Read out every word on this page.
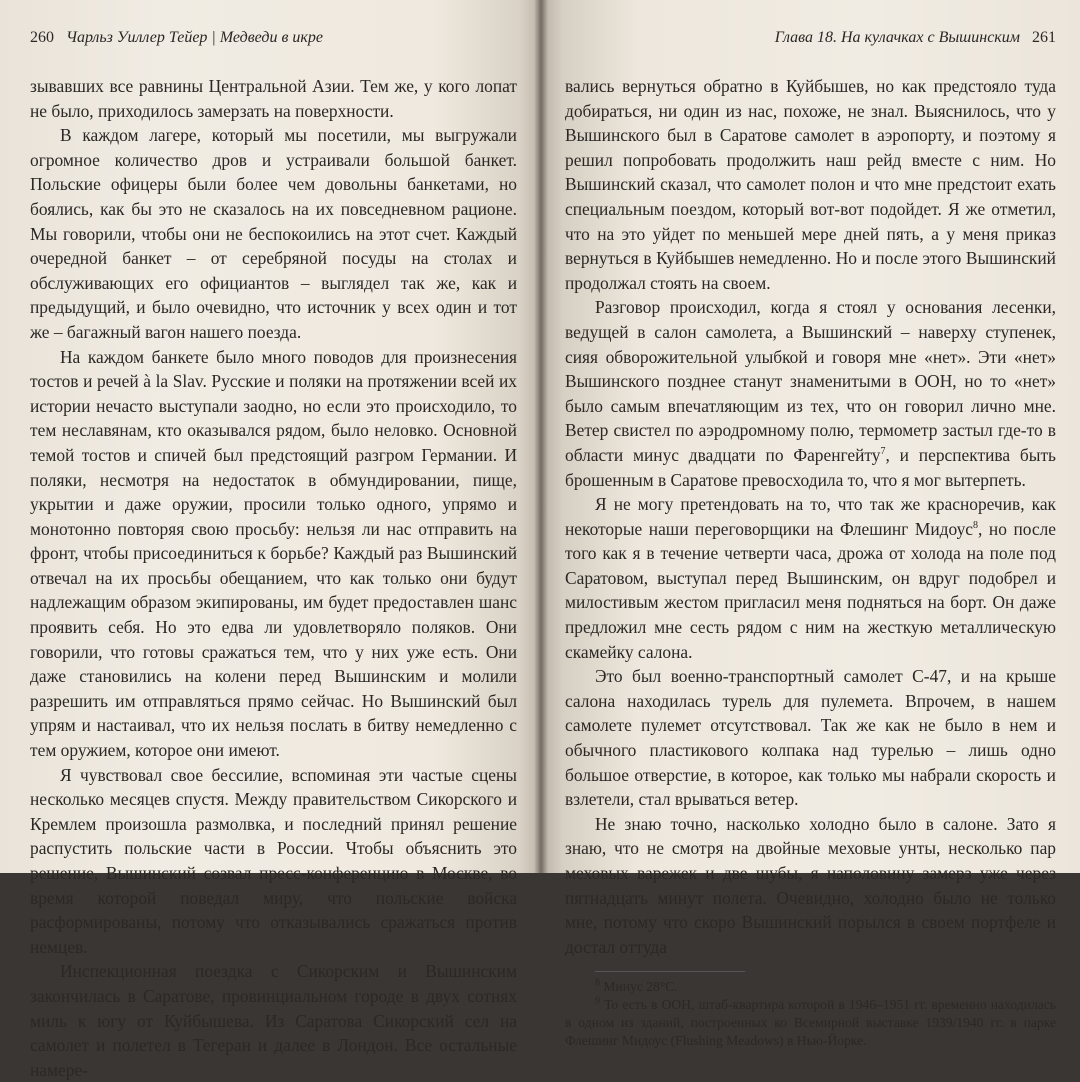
260 Чарльз Уиллер Тейер | Медведи в икре

зывавших все равнины Центральной Азии. Тем же, у кого лопат не было, приходилось замерзать на поверхности.

В каждом лагере, который мы посетили, мы выгружали огромное количество дров и устраивали большой банкет. Польские офицеры были более чем довольны банкетами, но боялись, как бы это не сказалось на их повседневном рационе. Мы говорили, чтобы они не беспокоились на этот счет. Каждый очередной банкет – от серебряной посуды на столах и обслуживающих его официантов – выглядел так же, как и предыдущий, и было очевидно, что источник у всех один и тот же – багажный вагон нашего поезда.

На каждом банкете было много поводов для произнесения тостов и речей à la Slav. Русские и поляки на протяжении всей их истории нечасто выступали заодно, но если это происходило, то тем неславянам, кто оказывался рядом, было неловко. Основной темой тостов и спичей был предстоящий разгром Германии. И поляки, несмотря на недостаток в обмундировании, пище, укрытии и даже оружии, просили только одного, упрямо и монотонно повторяя свою просьбу: нельзя ли нас отправить на фронт, чтобы присоединиться к борьбе? Каждый раз Вышинский отвечал на их просьбы обещанием, что как только они будут надлежащим образом экипированы, им будет предоставлен шанс проявить себя. Но это едва ли удовлетворяло поляков. Они говорили, что готовы сражаться тем, что у них уже есть. Они даже становились на колени перед Вышинским и молили разрешить им отправляться прямо сейчас. Но Вышинский был упрям и настаивал, что их нельзя послать в битву немедленно с тем оружием, которое они имеют.

Я чувствовал свое бессилие, вспоминая эти частые сцены несколько месяцев спустя. Между правительством Сикорского и Кремлем произошла размолвка, и последний принял решение распустить польские части в России. Чтобы объяснить это решение, Вышинский созвал пресс-конференцию в Москве, во время которой поведал миру, что польские войска расформированы, потому что отказывались сражаться против немцев.

Инспекционная поездка с Сикорским и Вышинским закончилась в Саратове, провинциальном городе в двух сотнях миль к югу от Куйбышева. Из Саратова Сикорский сел на самолет и полетел в Тегеран и далее в Лондон. Все остальные намере-

Глава 18. На кулачках с Вышинским 261

вались вернуться обратно в Куйбышев, но как предстояло туда добираться, ни один из нас, похоже, не знал. Выяснилось, что у Вышинского был в Саратове самолет в аэропорту, и поэтому я решил попробовать продолжить наш рейд вместе с ним. Но Вышинский сказал, что самолет полон и что мне предстоит ехать специальным поездом, который вот-вот подойдет. Я же отметил, что на это уйдет по меньшей мере дней пять, а у меня приказ вернуться в Куйбышев немедленно. Но и после этого Вышинский продолжал стоять на своем.

Разговор происходил, когда я стоял у основания лесенки, ведущей в салон самолета, а Вышинский – наверху ступенек, сияя обворожительной улыбкой и говоря мне «нет». Эти «нет» Вышинского позднее станут знаменитыми в ООН, но то «нет» было самым впечатляющим из тех, что он говорил лично мне. Ветер свистел по аэродромному полю, термометр застыл где-то в области минус двадцати по Фаренгейту$^7$, и перспектива быть брошенным в Саратове превосходила то, что я мог вытерпеть.

Я не могу претендовать на то, что так же красноречив, как некоторые наши переговорщики на Флешинг Мидоус$^8$, но после того как я в течение четверти часа, дрожа от холода на поле под Саратовом, выступал перед Вышинским, он вдруг подобрел и милостивым жестом пригласил меня подняться на борт. Он даже предложил мне сесть рядом с ним на жесткую металлическую скамейку салона.

Это был военно-транспортный самолет С-47, и на крыше салона находилась турель для пулемета. Впрочем, в нашем самолете пулемет отсутствовал. Так же как не было в нем и обычного пластикового колпака над турелью – лишь одно большое отверстие, в которое, как только мы набрали скорость и взлетели, стал врываться ветер.

Не знаю точно, насколько холодно было в салоне. Зато я знаю, что не смотря на двойные меховые унты, несколько пар меховых варежек и две шубы, я наполовину замерз уже через пятнадцать минут полета. Очевидно, холодно было не только мне, потому что скоро Вышинский порылся в своем портфеле и достал оттуда

$^8$ Минус 28°С.

$^9$ То есть в ООН, штаб-квартира которой в 1946–1951 гг. временно находилась в одном из зданий, построенных ко Всемирной выставке 1939/1940 гг. в парке Флешинг Мидоус (Flushing Meadows) в Нью-Йорке.
